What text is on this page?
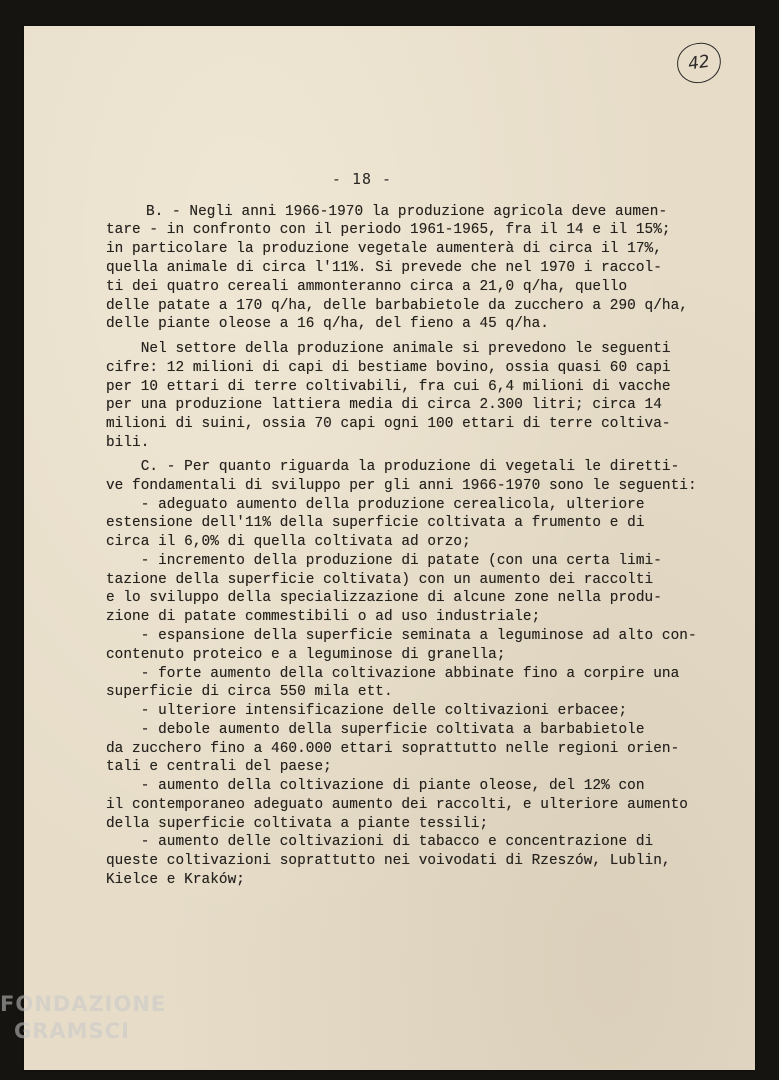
42
- 18 -
B. - Negli anni 1966-1970 la produzione agricola deve aumen-
tare - in confronto con il periodo 1961-1965, fra il 14 e il 15%;
in particolare la produzione vegetale aumenterà di circa il 17%,
quella animale di circa l'11%. Si prevede che nel 1970 i raccol-
ti dei quatro cereali ammonteranno circa a 21,0 q/ha, quello
delle patate a 170 q/ha, delle barbabietole da zucchero a 290 q/ha,
delle piante oleose a 16 q/ha, del fieno a 45 q/ha.
Nel settore della produzione animale si prevedono le seguenti
cifre: 12 milioni di capi di bestiame bovino, ossia quasi 60 capi
per 10 ettari di terre coltivabili, fra cui 6,4 milioni di vacche
per una produzione lattiera media di circa 2.300 litri; circa 14
milioni di suini, ossia 70 capi ogni 100 ettari di terre coltiva-
bili.
C. - Per quanto riguarda la produzione di vegetali le diretti-
ve fondamentali di sviluppo per gli anni 1966-1970 sono le seguenti:
- adeguato aumento della produzione cerealicola, ulteriore
estensione dell'11% della superficie coltivata a frumento e di
circa il 6,0% di quella coltivata ad orzo;
- incremento della produzione di patate (con una certa limi-
tazione della superficie coltivata) con un aumento dei raccolti
e lo sviluppo della specializzazione di alcune zone nella produ-
zione di patate commestibili o ad uso industriale;
- espansione della superficie seminata a leguminose ad alto con-
contenuto proteico e a leguminose di granella;
- forte aumento della coltivazione abbinate fino a corpire una
superficie di circa 550 mila ett.
- ulteriore intensificazione delle coltivazioni erbacee;
- debole aumento della superficie coltivata a barbabietole
da zucchero fino a 460.000 ettari soprattutto nelle regioni orien-
tali e centrali del paese;
- aumento della coltivazione di piante oleose, del 12% con
il contemporaneo adeguato aumento dei raccolti, e ulteriore aumento
della superficie coltivata a piante tessili;
- aumento delle coltivazioni di tabacco e concentrazione di
queste coltivazioni soprattutto nei voivodati di Rzeszów, Lublin,
Kielce e Kraków;
FONDAZIONE
GRAMSCI
